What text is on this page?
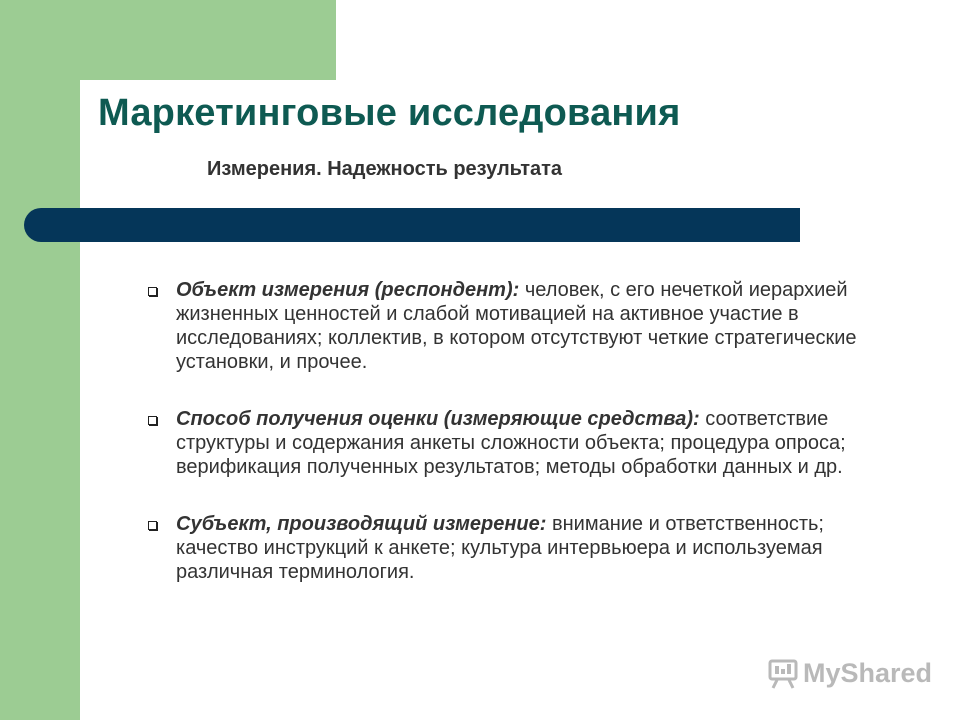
Маркетинговые исследования
Измерения. Надежность результата
Объект измерения (респондент): человек, с его нечеткой иерархией жизненных ценностей и слабой мотивацией на активное участие в исследованиях; коллектив, в котором отсутствуют четкие стратегические установки, и прочее.
Способ получения оценки (измеряющие средства): соответствие структуры и содержания анкеты сложности объекта; процедура опроса; верификация полученных результатов; методы обработки данных и др.
Субъект, производящий измерение: внимание и ответственность; качество инструкций к анкете; культура интервьюера и используемая различная терминология.
MyShared
